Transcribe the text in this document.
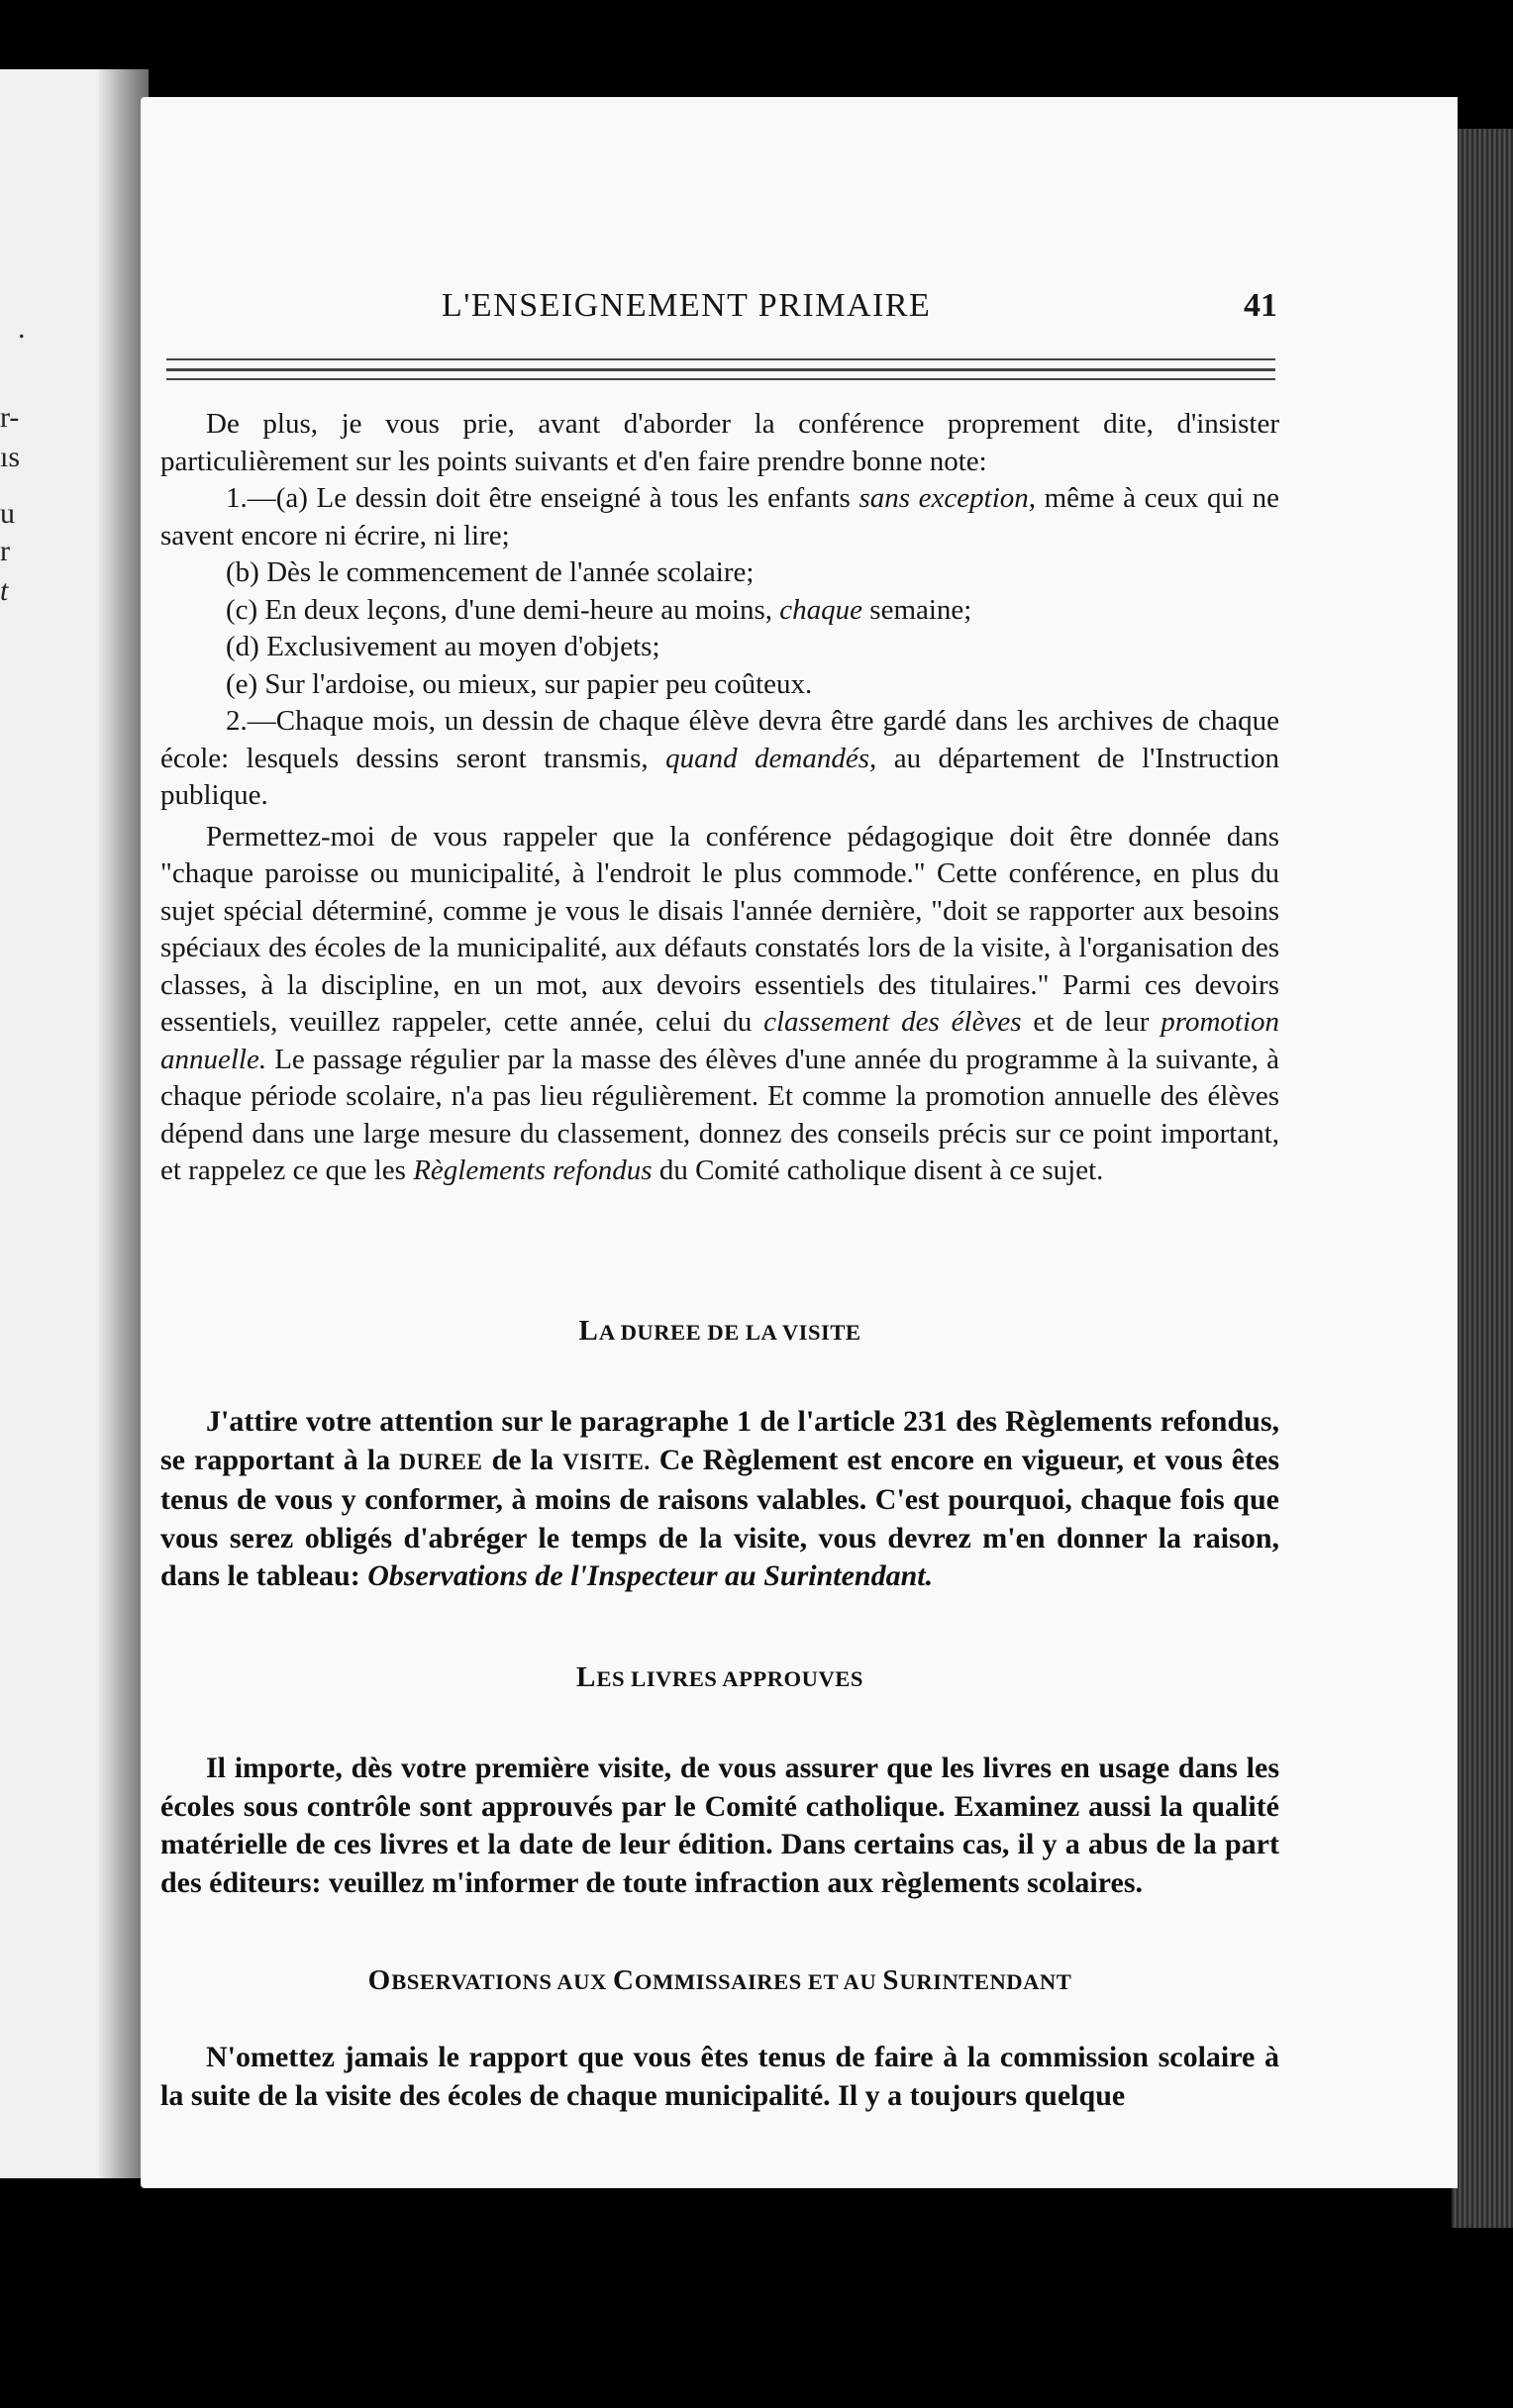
.
r-
ıs
u
r
t
L'ENSEIGNEMENT PRIMAIRE	41

De plus, je vous prie, avant d'aborder la conférence proprement dite, d'insister particulièrement sur les points suivants et d'en faire prendre bonne note:

1.—(a) Le dessin doit être enseigné à tous les enfants sans exception, même à ceux qui ne savent encore ni écrire, ni lire;

(b) Dès le commencement de l'année scolaire;

(c) En deux leçons, d'une demi-heure au moins, chaque semaine;

(d) Exclusivement au moyen d'objets;

(e) Sur l'ardoise, ou mieux, sur papier peu coûteux.

2.—Chaque mois, un dessin de chaque élève devra être gardé dans les archives de chaque école: lesquels dessins seront transmis, quand demandés, au département de l'Instruction publique.

Permettez-moi de vous rappeler que la conférence pédagogique doit être donnée dans "chaque paroisse ou municipalité, à l'endroit le plus commode." Cette conférence, en plus du sujet spécial déterminé, comme je vous le disais l'année dernière, "doit se rapporter aux besoins spéciaux des écoles de la municipalité, aux défauts constatés lors de la visite, à l'organisation des classes, à la discipline, en un mot, aux devoirs essentiels des titulaires." Parmi ces devoirs essentiels, veuillez rappeler, cette année, celui du classement des élèves et de leur promotion annuelle. Le passage régulier par la masse des élèves d'une année du programme à la suivante, à chaque période scolaire, n'a pas lieu régulièrement. Et comme la promotion annuelle des élèves dépend dans une large mesure du classement, donnez des conseils précis sur ce point important, et rappelez ce que les Règlements refondus du Comité catholique disent à ce sujet.

LA DUREE DE LA VISITE

J'attire votre attention sur le paragraphe 1 de l'article 231 des Règlements refondus, se rapportant à la DUREE de la VISITE. Ce Règlement est encore en vigueur, et vous êtes tenus de vous y conformer, à moins de raisons valables. C'est pourquoi, chaque fois que vous serez obligés d'abréger le temps de la visite, vous devrez m'en donner la raison, dans le tableau: Observations de l'Inspecteur au Surintendant.

LES LIVRES APPROUVES

Il importe, dès votre première visite, de vous assurer que les livres en usage dans les écoles sous contrôle sont approuvés par le Comité catholique. Examinez aussi la qualité matérielle de ces livres et la date de leur édition. Dans certains cas, il y a abus de la part des éditeurs: veuillez m'informer de toute infraction aux règlements scolaires.

OBSERVATIONS AUX COMMISSAIRES ET AU SURINTENDANT

N'omettez jamais le rapport que vous êtes tenus de faire à la commission scolaire à la suite de la visite des écoles de chaque municipalité. Il y a toujours quelque
